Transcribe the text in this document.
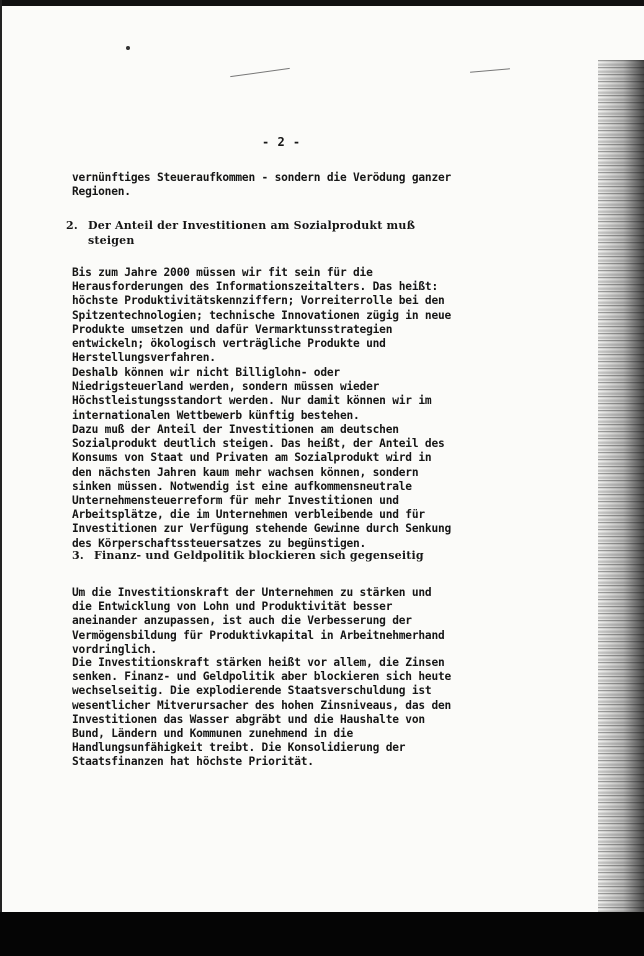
- 2 -
vernünftiges Steueraufkommen - sondern die Verödung ganzer
Regionen.
2. Der Anteil der Investitionen am Sozialprodukt muß
steigen
Bis zum Jahre 2000 müssen wir fit sein für die
Herausforderungen des Informationszeitalters. Das heißt:
höchste Produktivitätskennziffern; Vorreiterrolle bei den
Spitzentechnologien; technische Innovationen zügig in neue
Produkte umsetzen und dafür Vermarktunsstrategien
entwickeln; ökologisch verträgliche Produkte und
Herstellungsverfahren.
Deshalb können wir nicht Billiglohn- oder
Niedrigsteuerland werden, sondern müssen wieder
Höchstleistungsstandort werden. Nur damit können wir im
internationalen Wettbewerb künftig bestehen.
Dazu muß der Anteil der Investitionen am deutschen
Sozialprodukt deutlich steigen. Das heißt, der Anteil des
Konsums von Staat und Privaten am Sozialprodukt wird in
den nächsten Jahren kaum mehr wachsen können, sondern
sinken müssen. Notwendig ist eine aufkommensneutrale
Unternehmensteuerreform für mehr Investitionen und
Arbeitsplätze, die im Unternehmen verbleibende und für
Investitionen zur Verfügung stehende Gewinne durch Senkung
des Körperschaftssteuersatzes zu begünstigen.
3. Finanz- und Geldpolitik blockieren sich gegenseitig
Um die Investitionskraft der Unternehmen zu stärken und
die Entwicklung von Lohn und Produktivität besser
aneinander anzupassen, ist auch die Verbesserung der
Vermögensbildung für Produktivkapital in Arbeitnehmerhand
vordringlich.
Die Investitionskraft stärken heißt vor allem, die Zinsen
senken. Finanz- und Geldpolitik aber blockieren sich heute
wechselseitig. Die explodierende Staatsverschuldung ist
wesentlicher Mitverursacher des hohen Zinsniveaus, das den
Investitionen das Wasser abgräbt und die Haushalte von
Bund, Ländern und Kommunen zunehmend in die
Handlungsunfähigkeit treibt. Die Konsolidierung der
Staatsfinanzen hat höchste Priorität.
